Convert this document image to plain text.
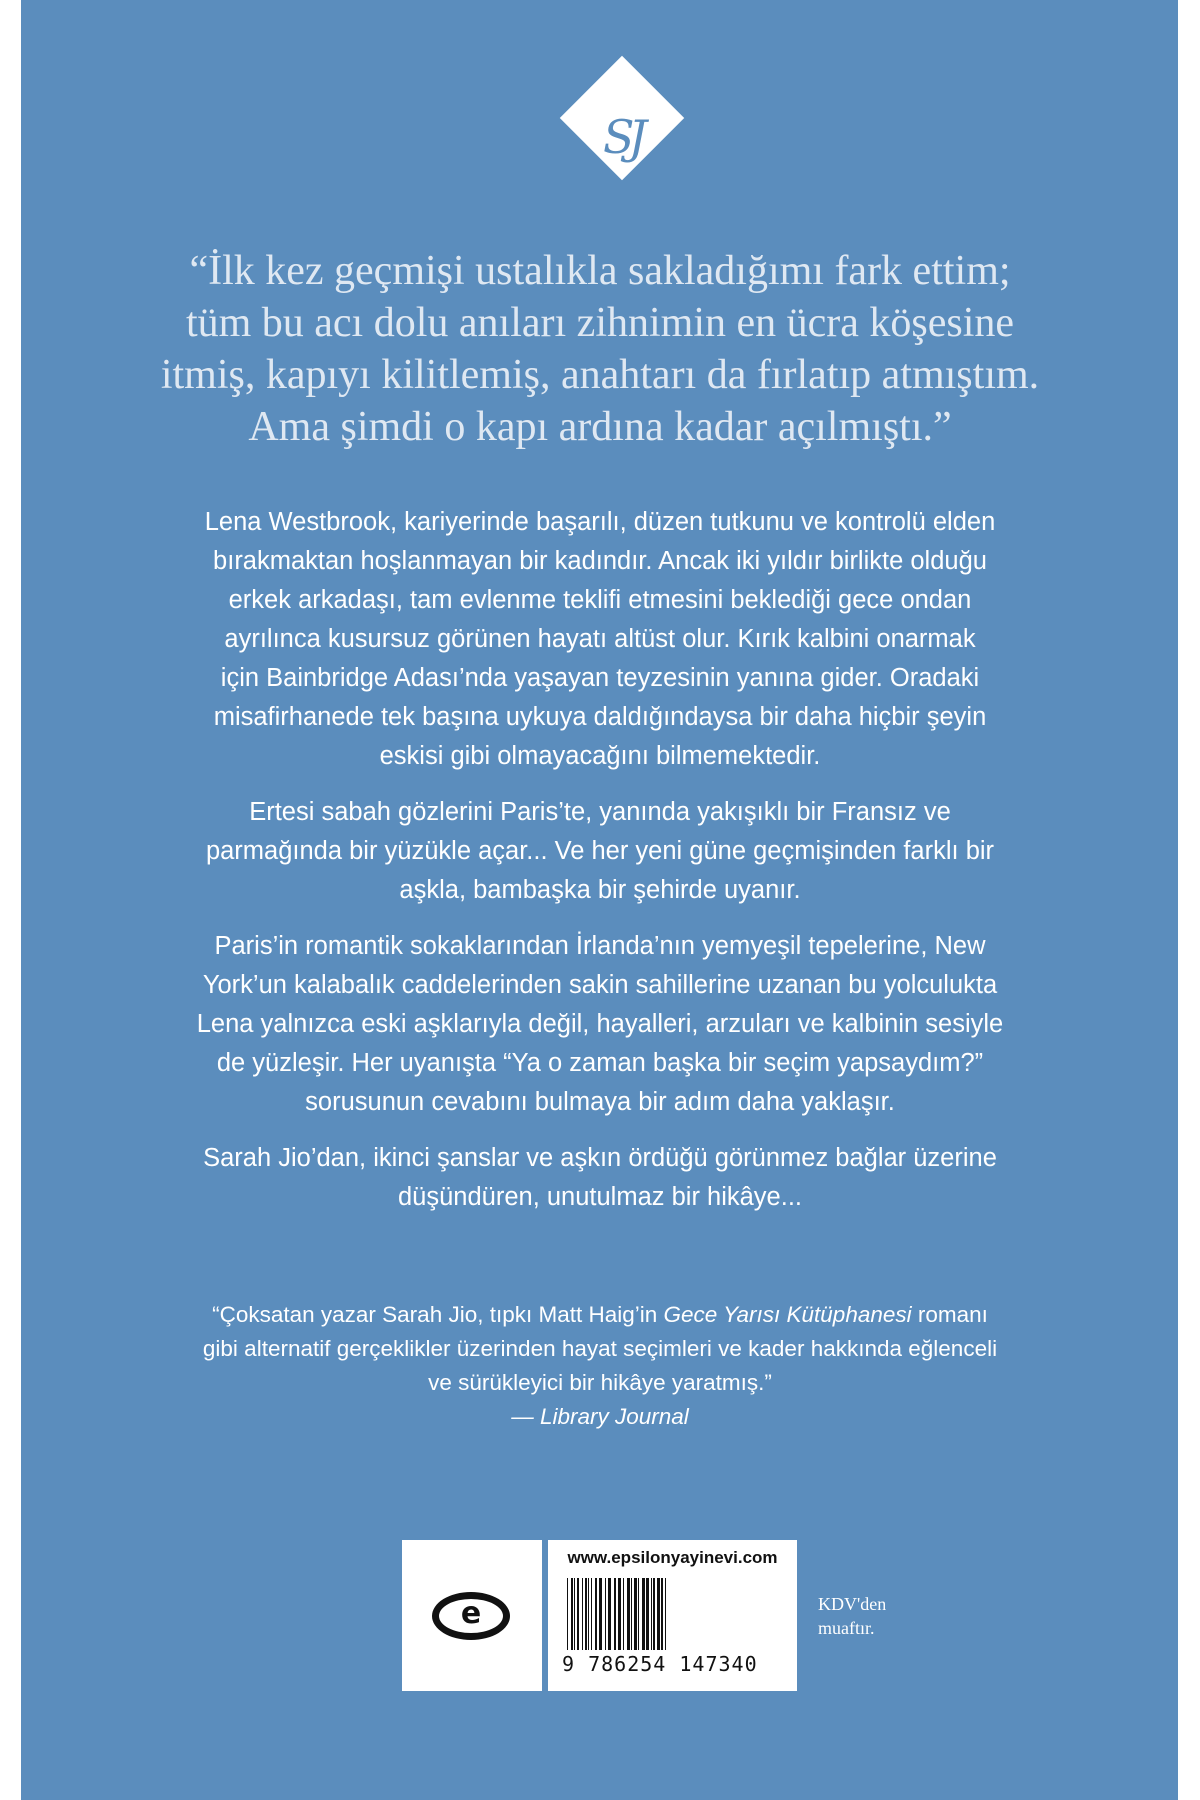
SJ
“İlk kez geçmişi ustalıkla sakladığımı fark ettim;
tüm bu acı dolu anıları zihnimin en ücra köşesine
itmiş, kapıyı kilitlemiş, anahtarı da fırlatıp atmıştım.
Ama şimdi o kapı ardına kadar açılmıştı.”

Lena Westbrook, kariyerinde başarılı, düzen tutkunu ve kontrolü elden
bırakmaktan hoşlanmayan bir kadındır. Ancak iki yıldır birlikte olduğu
erkek arkadaşı, tam evlenme teklifi etmesini beklediği gece ondan
ayrılınca kusursuz görünen hayatı altüst olur. Kırık kalbini onarmak
için Bainbridge Adası’nda yaşayan teyzesinin yanına gider. Oradaki
misafirhanede tek başına uykuya daldığındaysa bir daha hiçbir şeyin
eskisi gibi olmayacağını bilmemektedir.

Ertesi sabah gözlerini Paris’te, yanında yakışıklı bir Fransız ve
parmağında bir yüzükle açar... Ve her yeni güne geçmişinden farklı bir
aşkla, bambaşka bir şehirde uyanır.

Paris’in romantik sokaklarından İrlanda’nın yemyeşil tepelerine, New
York’un kalabalık caddelerinden sakin sahillerine uzanan bu yolculukta
Lena yalnızca eski aşklarıyla değil, hayalleri, arzuları ve kalbinin sesiyle
de yüzleşir. Her uyanışta “Ya o zaman başka bir seçim yapsaydım?”
sorusunun cevabını bulmaya bir adım daha yaklaşır.

Sarah Jio’dan, ikinci şanslar ve aşkın ördüğü görünmez bağlar üzerine
düşündüren, unutulmaz bir hikâye...

“Çoksatan yazar Sarah Jio, tıpkı Matt Haig’in Gece Yarısı Kütüphanesi romanı
gibi alternatif gerçeklikler üzerinden hayat seçimleri ve kader hakkında eğlenceli
ve sürükleyici bir hikâye yaratmış.”
— Library Journal
e
www.epsilonyayinevi.com
9 786254 147340
KDV'den
muaftır.
